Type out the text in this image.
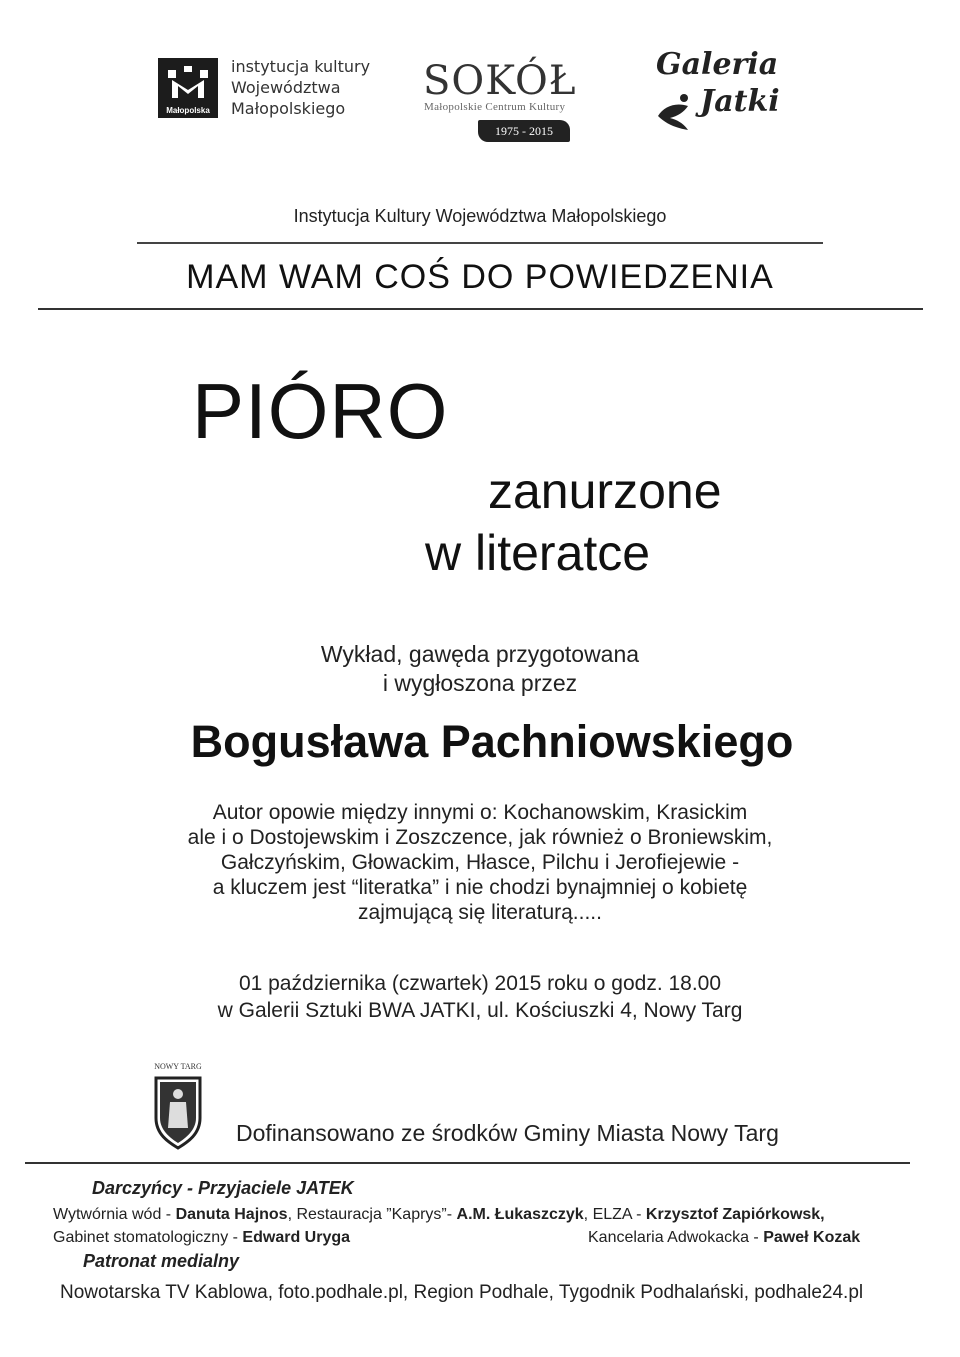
Małopolska
instytucja kultury
Województwa
Małopolskiego
SOKÓŁ
Małopolskie Centrum Kultury
1975 - 2015
Galeria
Jatki
Instytucja Kultury Województwa Małopolskiego
MAM WAM COŚ DO POWIEDZENIA
PIÓRO
zanurzone
w literatce
Wykład, gawęda przygotowana
i wygłoszona przez
Bogusława Pachniowskiego
Autor opowie między innymi o: Kochanowskim, Krasickim
ale i o Dostojewskim i Zoszczence, jak również o Broniewskim,
Gałczyńskim, Głowackim, Hłasce, Pilchu i Jerofiejewie -
a kluczem jest “literatka” i nie chodzi bynajmniej o kobietę
zajmującą się literaturą.....
01 października (czwartek) 2015 roku o godz. 18.00
w Galerii Sztuki BWA JATKI, ul. Kościuszki 4, Nowy Targ
NOWY TARG
Dofinansowano ze środków Gminy Miasta Nowy Targ
Darczyńcy - Przyjaciele JATEK
Wytwórnia wód - Danuta Hajnos, Restauracja ”Kaprys”- A.M. Łukaszczyk, ELZA - Krzysztof Zapiórkowsk,
Gabinet stomatologiczny - Edward Uryga	Kancelaria Adwokacka - Paweł Kozak
Patronat medialny
Nowotarska TV Kablowa, foto.podhale.pl, Region Podhale, Tygodnik Podhalański, podhale24.pl
